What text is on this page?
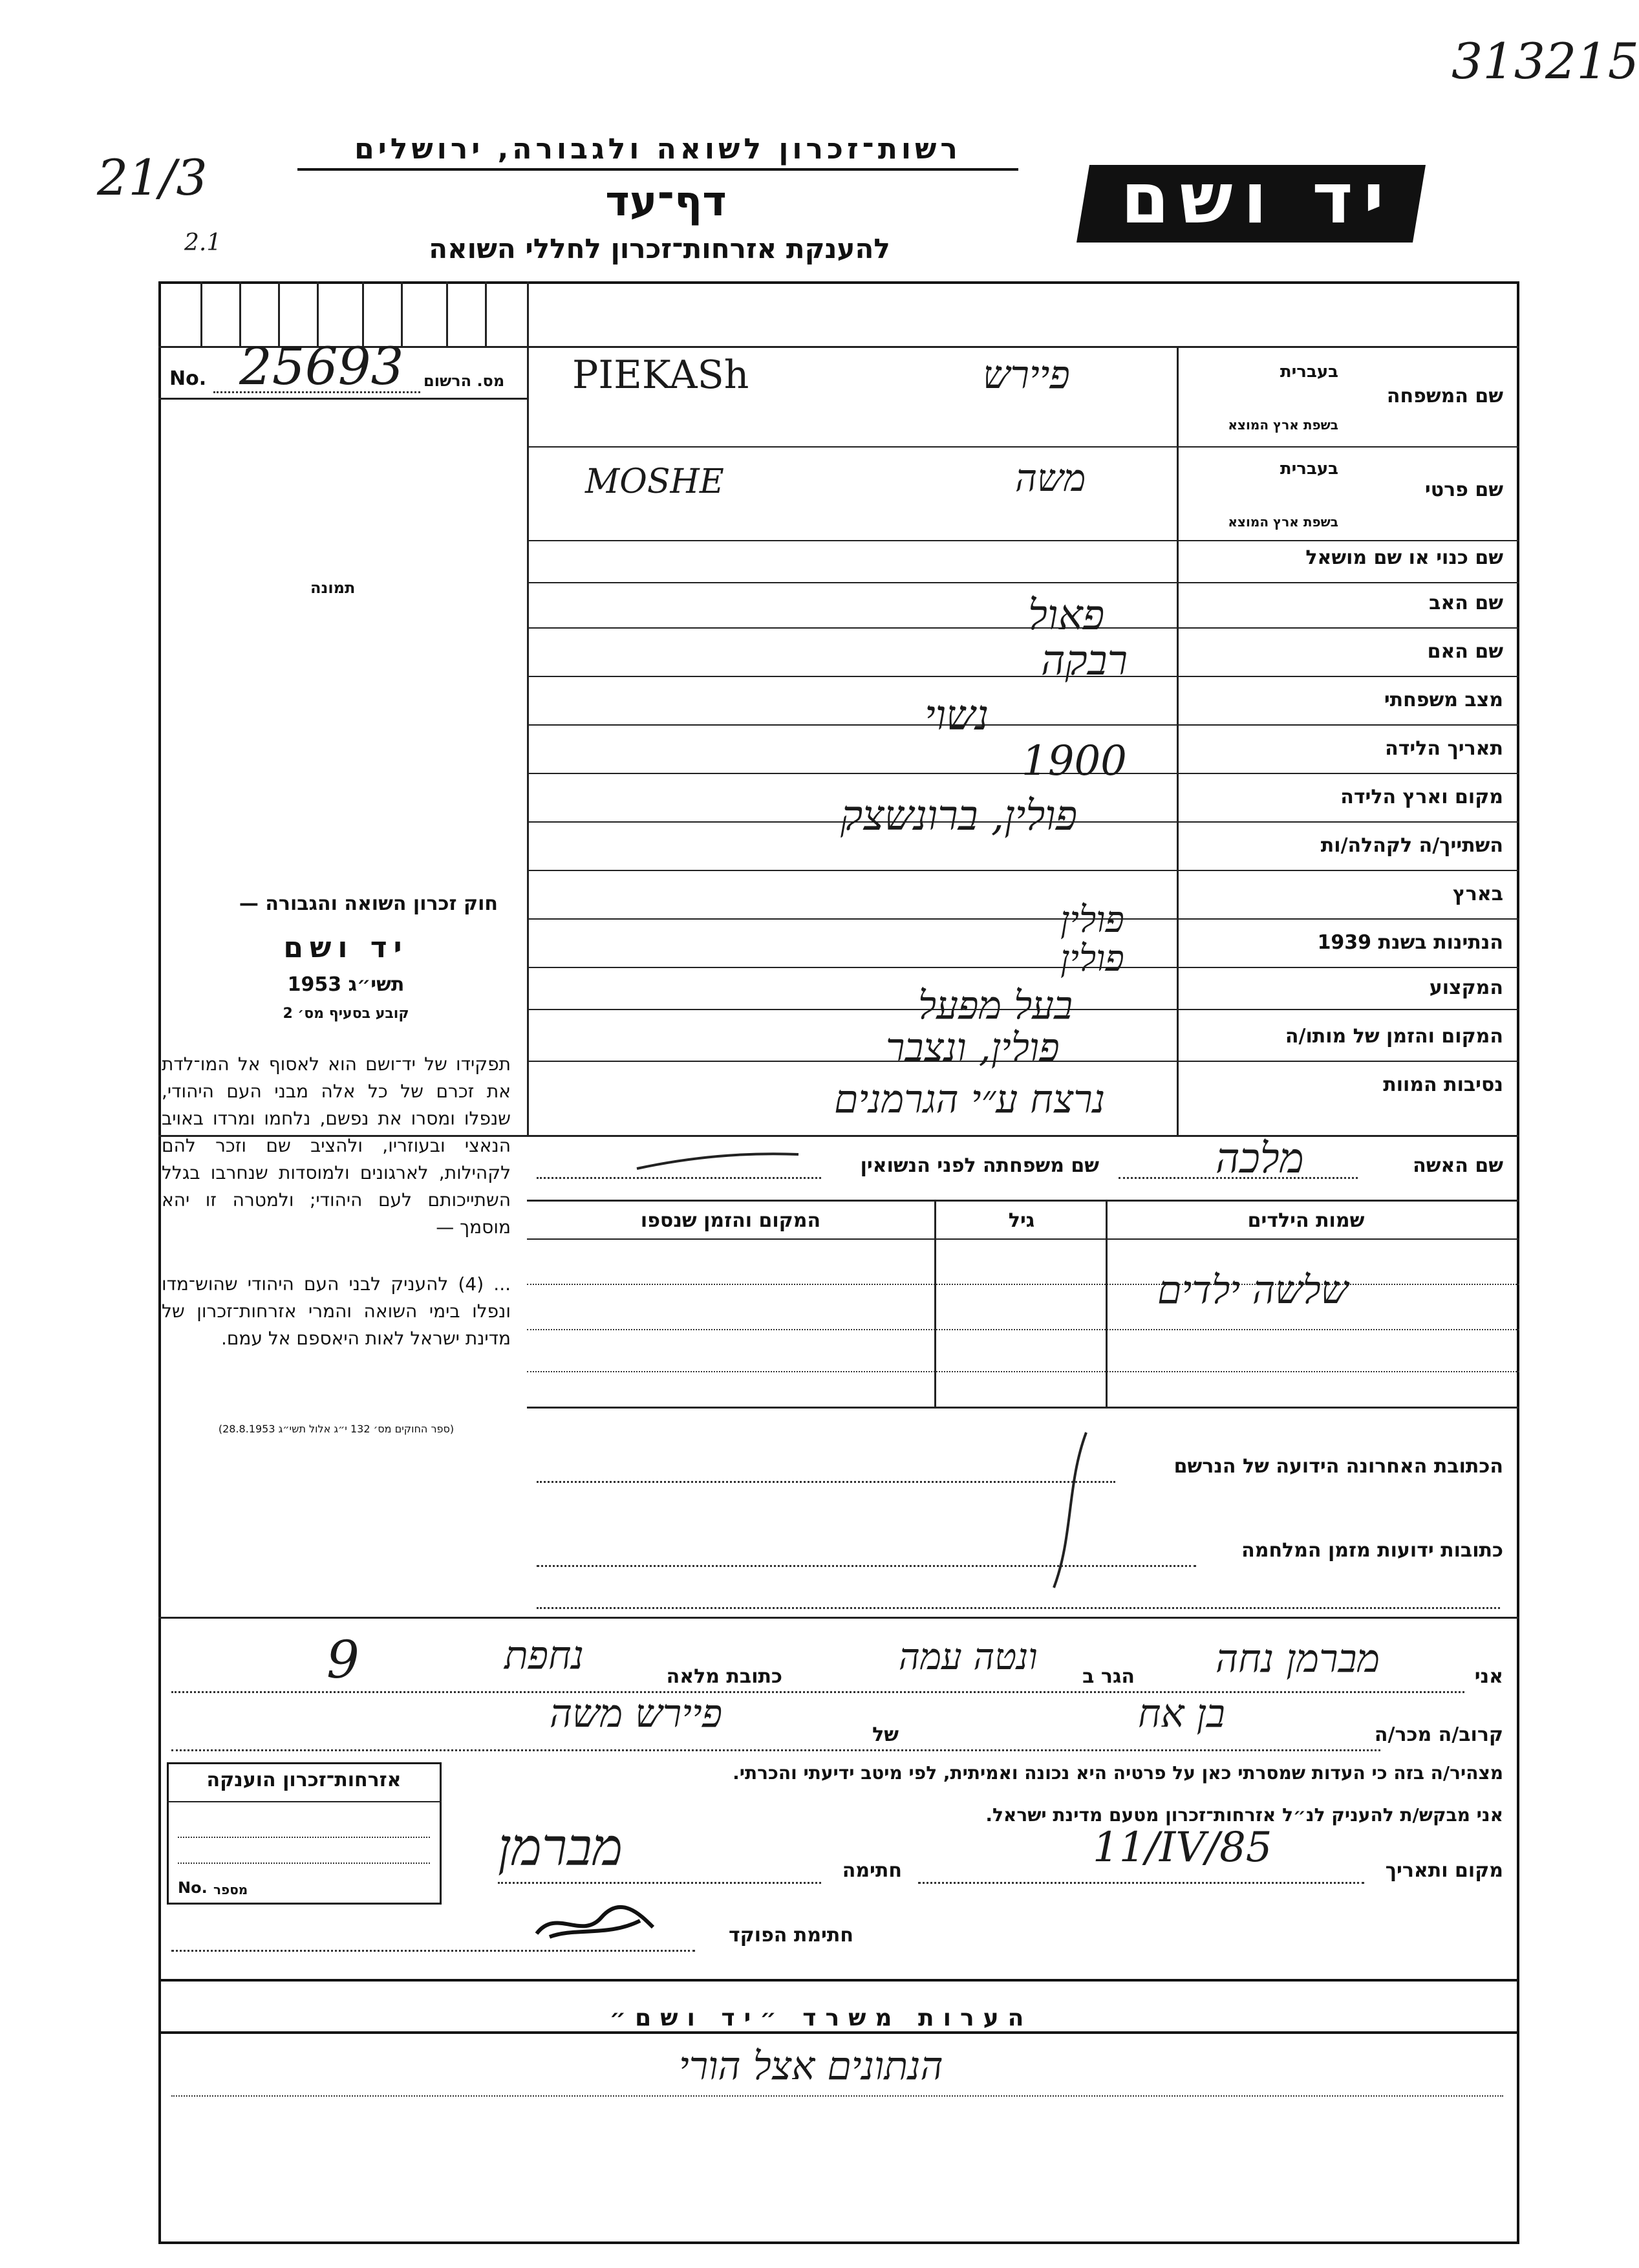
313215
21/3
2.1
רשות־זכרון לשואה ולגבורה, ירושלים
דף־עד
להענקת אזרחות־זכרון לחללי השואה
יד ושם
No. 25693 מס. הרשום
תמונה
שם המשפחה
בעברית
בשפת ארץ המוצא
שם פרטי
בעברית
בשפת ארץ המוצא
שם כנוי או שם מושאל
שם האב
שם האם
מצב משפחתי
תאריך הלידה
מקום וארץ הלידה
השתייך/ה לקהלה/ות
בארץ
הנתינות בשנת 1939
המקצוע
המקום והזמן של מותו/ה
נסיבות המוות
PIEKASh	פיירש
MOSHE	משה
פאול
רבקה
נשוי
1900
פולין, ברונשצק
פולין
פולין
בעל מפעל
פולין, ונצבר
נרצח ע״י הגרמנים
חוק זכרון השואה והגבורה —
יד ושם
תשי״ג 1953
קובע בסעיף מס׳ 2
תפקידו של יד־ושם הוא לאסוף אל המו־לדת את זכרם של כל אלה מבני העם היהודי, שנפלו ומסרו את נפשם, נלחמו ומרדו באויב הנאצי ובעוזריו, ולהציב שם וזכר להם לקהילות, לארגונים ולמוסדות שנחרבו בגלל השתייכותם לעם היהודי; ולמטרה זו יהא מוסמך —
... (4) להעניק לבני העם היהודי שהוש־מדו ונפלו בימי השואה והמרי אזרחות־זכרון של מדינת ישראל לאות היאספם אל עמם.
(ספר החוקים מס׳ 132 י״ג אלול תשי״ג 28.8.1953)
שם האשה
מלכה
שם משפחתה לפני הנשואין
שמות הילדים
גיל
המקום והזמן שנספו
שלשה ילדים
הכתובת האחרונה הידועה של הנרשם
כתובות ידועות מזמן המלחמה
אני
מברמן נחה
הגר ב
ונטה עמה
כתובת מלאה
נחפת
9
קרוב/ה מכר/ה
בן אח
של
פיירש משה
מצהיר/ה בזה כי העדות שמסרתי כאן על פרטיה היא נכונה ואמיתית, לפי מיטב ידיעתי והכרתי.
אני מבקש/ת להעניק לנ״ל אזרחות־זכרון מטעם מדינת ישראל.
מקום ותאריך
11/IV/85
חתימה
מברמן
חתימת הפוקד
אזרחות־זכרון הוענקה
No. מספר
הערות משרד ״יד ושם״
הנתונים אצל הורי
